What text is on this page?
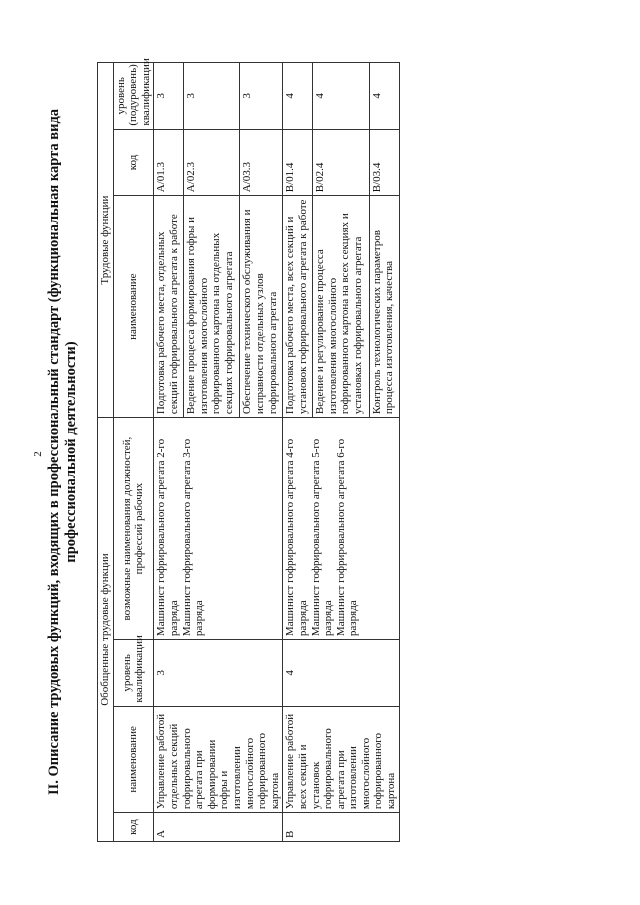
2 II. Описание трудовых функций, входящих в профессиональный стандарт (функциональная карта вида профессиональной деятельности)
Обобщенные трудовые функции				Трудовые функции		
код	наименование	уровень квалификации	возможные наименования должностей, профессий рабочих	наименование	код	уровень (подуровень) квалификации
A	Управление работой отдельных секций гофрировального агрегата при формировании гофры и изготовлении многослойного гофрированного картона	3	Машинист гофрировального агрегата 2-го разряда Машинист гофрировального агрегата 3-го разряда	Подготовка рабочего места, отдельных секций гофрировального агрегата к работе	A/01.3	3
				Ведение процесса формирования гофры и изготовления многослойного гофрированного картона на отдельных секциях гофрировального агрегата	A/02.3	3
				Обеспечение технического обслуживания и исправности отдельных узлов гофрировального агрегата	A/03.3	3
B	Управление работой всех секций и установок гофрировального агрегата при изготовлении многослойного гофрированного картона	4	Машинист гофрировального агрегата 4-го разряда Машинист гофрировального агрегата 5-го разряда Машинист гофрировального агрегата 6-го разряда	Подготовка рабочего места, всех секций и установок гофрировального агрегата к работе	B/01.4	4
				Ведение и регулирование процесса изготовления многослойного гофрированного картона на всех секциях и установках гофрировального агрегата	B/02.4	4
				Контроль технологических параметров процесса изготовления, качества	B/03.4	4
